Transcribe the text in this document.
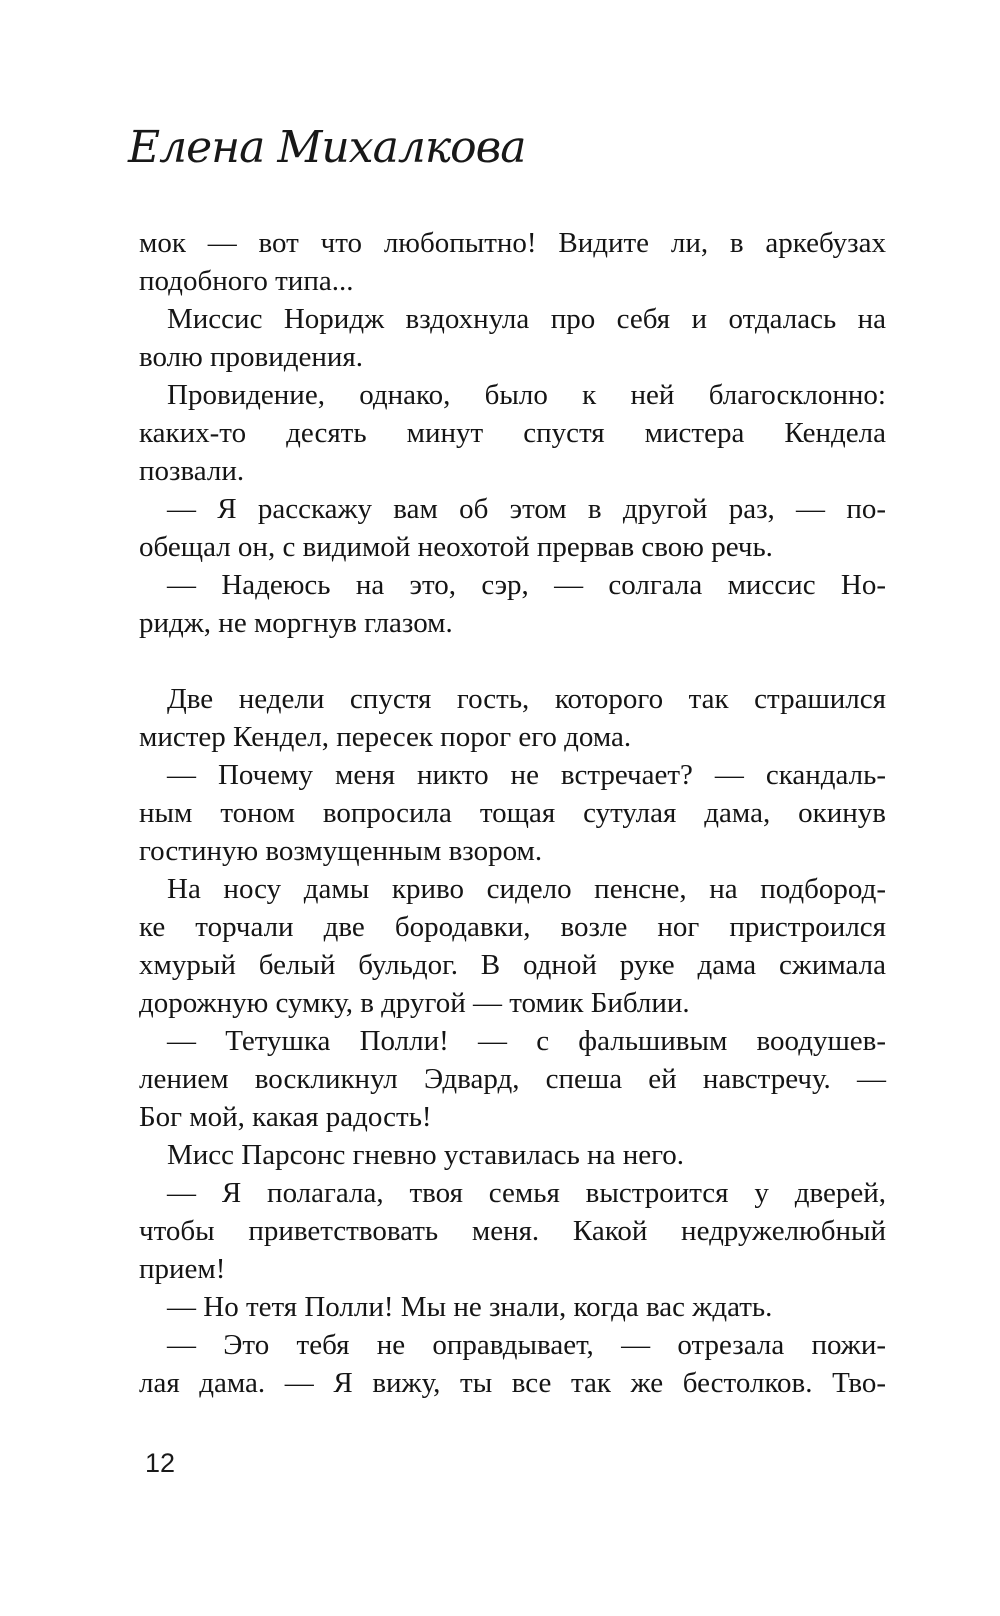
Елена Михалкова
мок — вот что любопытно! Видите ли, в аркебузах
подобного типа...
Миссис Норидж вздохнула про себя и отдалась на
волю провидения.
Провидение, однако, было к ней благосклонно:
каких-то десять минут спустя мистера Кендела
позвали.
— Я расскажу вам об этом в другой раз, — по-
обещал он, с видимой неохотой прервав свою речь.
— Надеюсь на это, сэр, — солгала миссис Но-
ридж, не моргнув глазом.
Две недели спустя гость, которого так страшился
мистер Кендел, пересек порог его дома.
— Почему меня никто не встречает? — скандаль-
ным тоном вопросила тощая сутулая дама, окинув
гостиную возмущенным взором.
На носу дамы криво сидело пенсне, на подбород-
ке торчали две бородавки, возле ног пристроился
хмурый белый бульдог. В одной руке дама сжимала
дорожную сумку, в другой — томик Библии.
— Тетушка Полли! — с фальшивым воодушев-
лением воскликнул Эдвард, спеша ей навстречу. —
Бог мой, какая радость!
Мисс Парсонс гневно уставилась на него.
— Я полагала, твоя семья выстроится у дверей,
чтобы приветствовать меня. Какой недружелюбный
прием!
— Но тетя Полли! Мы не знали, когда вас ждать.
— Это тебя не оправдывает, — отрезала пожи-
лая дама. — Я вижу, ты все так же бестолков. Тво-
12
